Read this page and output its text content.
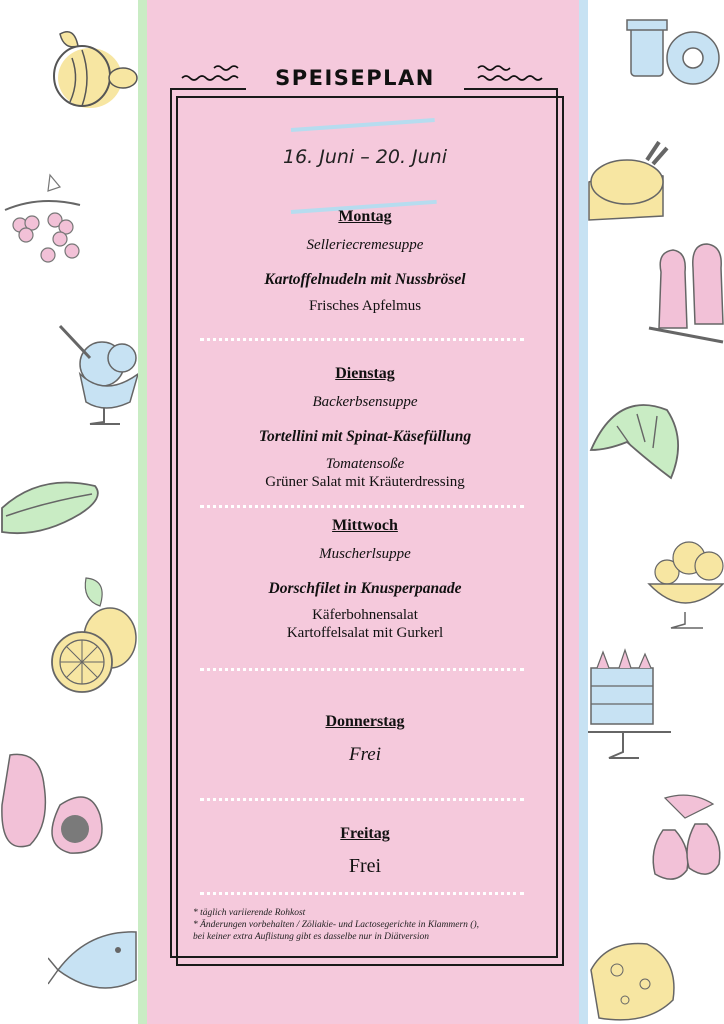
SPEISEPLAN
16. Juni – 20. Juni
Montag
Selleriecremesuppe
Kartoffelnudeln mit Nussbrösel
Frisches Apfelmus
Dienstag
Backerbsensuppe
Tortellini mit Spinat-Käsefüllung
Tomatensoße
Grüner Salat mit Kräuterdressing
Mittwoch
Muscherlsuppe
Dorschfilet in Knusperpanade
Käferbohnensalat
Kartoffelsalat mit Gurkerl
Donnerstag
Frei
Freitag
Frei
* täglich variierende Rohkost
* Änderungen vorbehalten / Zöliakie- und Lactosegerichte in Klammern (),
bei keiner extra Auflistung gibt es dasselbe nur in Diätversion
